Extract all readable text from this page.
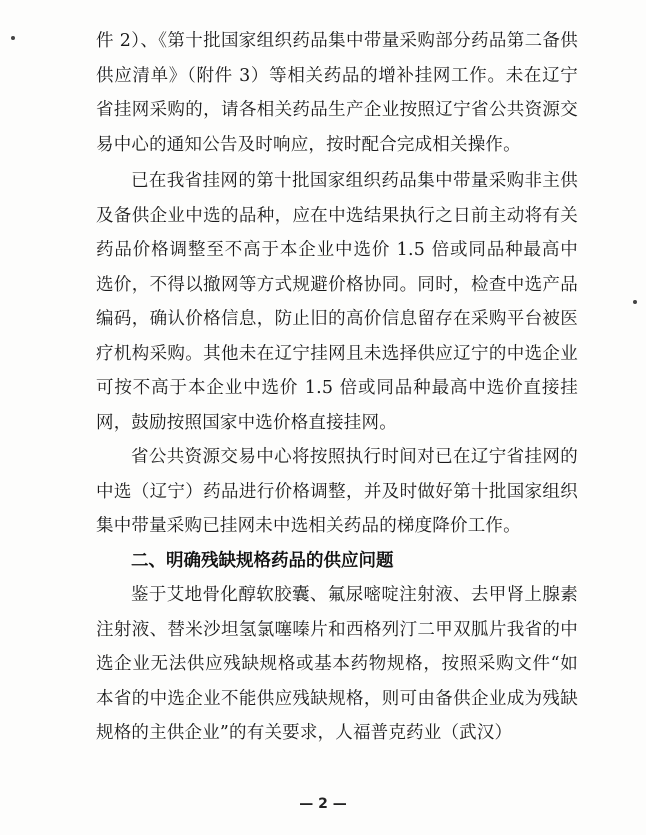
件 2）、《第十批国家组织药品集中带量采购部分药品第二备供供应清单》（附件 3）等相关药品的增补挂网工作。未在辽宁省挂网采购的，请各相关药品生产企业按照辽宁省公共资源交易中心的通知公告及时响应，按时配合完成相关操作。

已在我省挂网的第十批国家组织药品集中带量采购非主供及备供企业中选的品种，应在中选结果执行之日前主动将有关药品价格调整至不高于本企业中选价 1.5 倍或同品种最高中选价，不得以撤网等方式规避价格协同。同时，检查中选产品编码，确认价格信息，防止旧的高价信息留存在采购平台被医疗机构采购。其他未在辽宁挂网且未选择供应辽宁的中选企业可按不高于本企业中选价 1.5 倍或同品种最高中选价直接挂网，鼓励按照国家中选价格直接挂网。

省公共资源交易中心将按照执行时间对已在辽宁省挂网的中选（辽宁）药品进行价格调整，并及时做好第十批国家组织集中带量采购已挂网未中选相关药品的梯度降价工作。

二、明确残缺规格药品的供应问题

鉴于艾地骨化醇软胶囊、氟尿嘧啶注射液、去甲肾上腺素注射液、替米沙坦氢氯噻嗪片和西格列汀二甲双胍片我省的中选企业无法供应残缺规格或基本药物规格，按照采购文件“如本省的中选企业不能供应残缺规格，则可由备供企业成为残缺规格的主供企业”的有关要求，人福普克药业（武汉）

— 2 —
